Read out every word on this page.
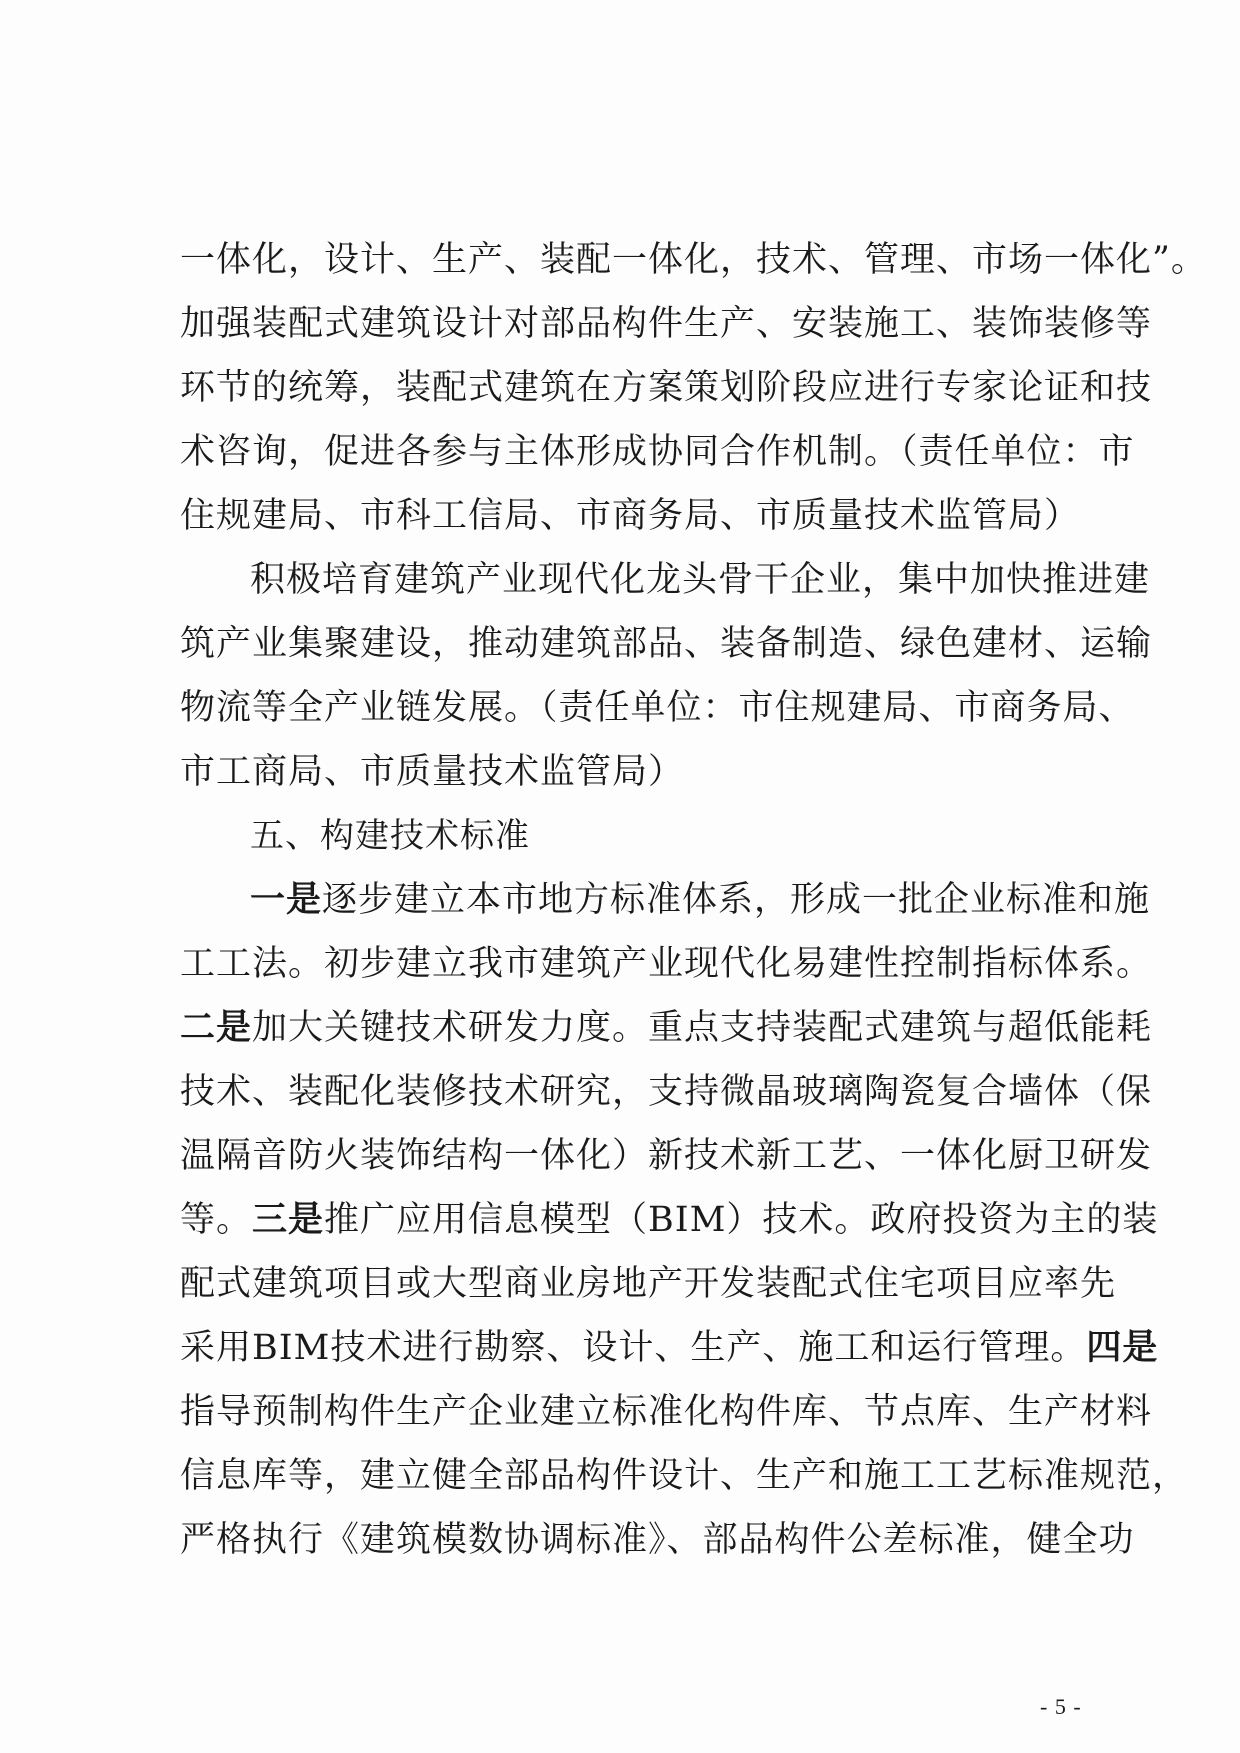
一体化，设计、生产、装配一体化，技术、管理、市场一体化”。
加强装配式建筑设计对部品构件生产、安装施工、装饰装修等
环节的统筹，装配式建筑在方案策划阶段应进行专家论证和技
术咨询，促进各参与主体形成协同合作机制。（责任单位：市
住规建局、市科工信局、市商务局、市质量技术监管局）
积极培育建筑产业现代化龙头骨干企业，集中加快推进建
筑产业集聚建设，推动建筑部品、装备制造、绿色建材、运输
物流等全产业链发展。（责任单位：市住规建局、市商务局、
市工商局、市质量技术监管局）
五、构建技术标准
一是逐步建立本市地方标准体系，形成一批企业标准和施
工工法。初步建立我市建筑产业现代化易建性控制指标体系。
二是加大关键技术研发力度。重点支持装配式建筑与超低能耗
技术、装配化装修技术研究，支持微晶玻璃陶瓷复合墙体（保
温隔音防火装饰结构一体化）新技术新工艺、一体化厨卫研发
等。三是推广应用信息模型（BIM）技术。政府投资为主的装
配式建筑项目或大型商业房地产开发装配式住宅项目应率先
采用BIM技术进行勘察、设计、生产、施工和运行管理。四是
指导预制构件生产企业建立标准化构件库、节点库、生产材料
信息库等，建立健全部品构件设计、生产和施工工艺标准规范，
严格执行《建筑模数协调标准》、部品构件公差标准，健全功
- 5 -
